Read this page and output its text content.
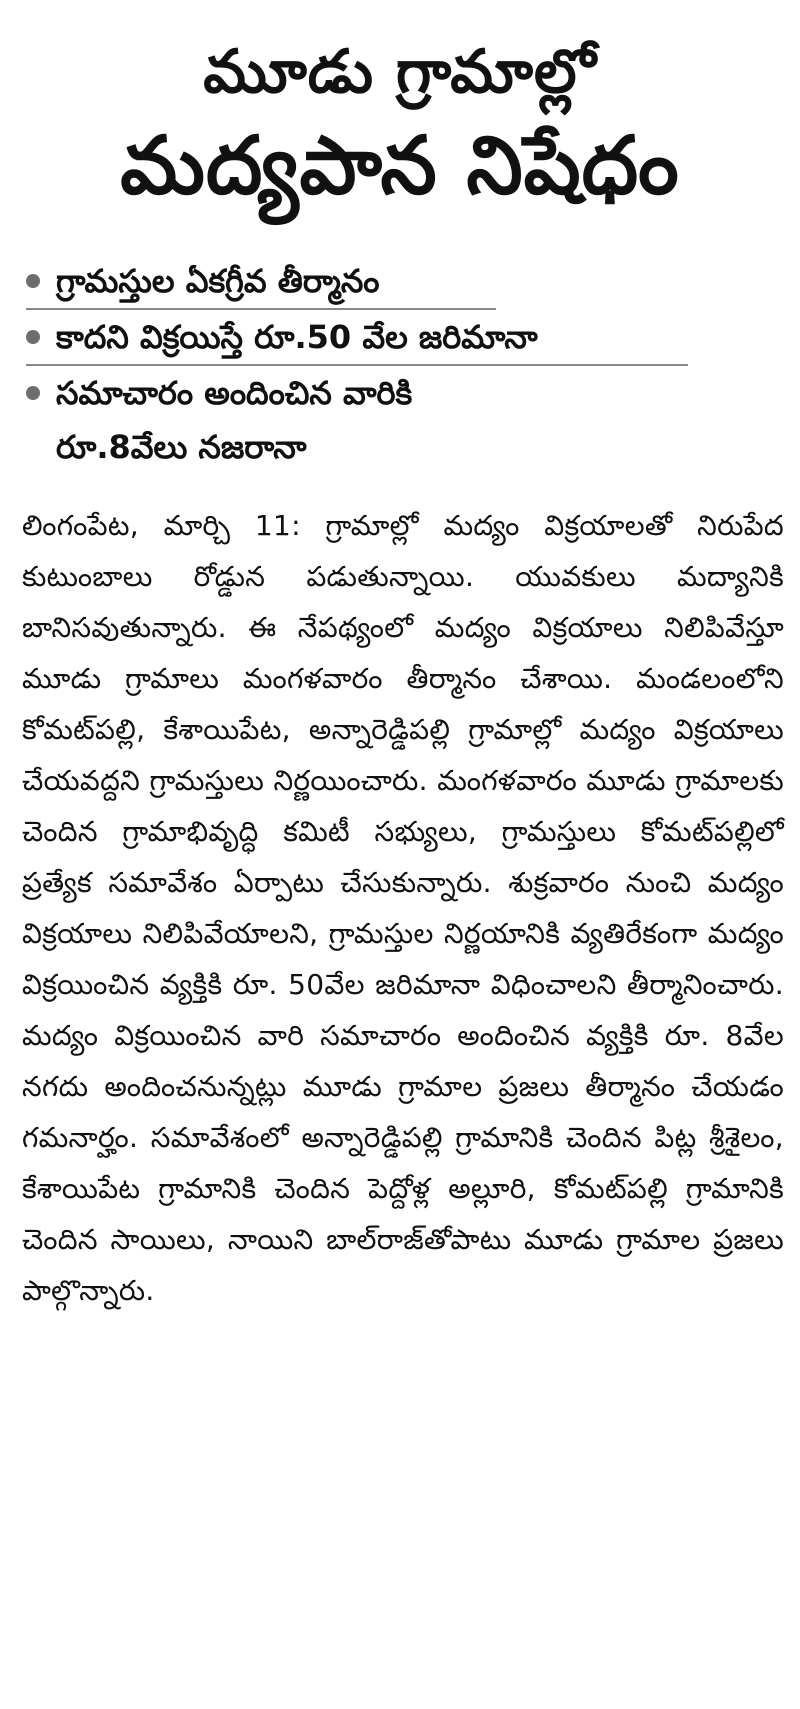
మూడు గ్రామాల్లో
మద్యపాన నిషేధం
గ్రామస్తుల ఏకగ్రీవ తీర్మానం
కాదని విక్రయిస్తే రూ.50 వేల జరిమానా
సమాచారం అందించిన వారికి
రూ.8వేలు నజరానా

లింగంపేట, మార్చి 11: గ్రామాల్లో మద్యం విక్రయాలతో నిరుపేద కుటుంబాలు రోడ్డున పడుతున్నాయి. యువకులు మద్యానికి బానిసవుతున్నారు. ఈ నేపథ్యంలో మద్యం విక్రయాలు నిలిపివేస్తూ మూడు గ్రామాలు మంగళవారం తీర్మానం చేశాయి. మండలంలోని కోమట్‌పల్లి, కేశాయిపేట, అన్నారెడ్డిపల్లి గ్రామాల్లో మద్యం విక్రయాలు చేయవద్దని గ్రామస్తులు నిర్ణయించారు. మంగళవారం మూడు గ్రామాలకు చెందిన గ్రామాభివృద్ధి కమిటీ సభ్యులు, గ్రామస్తులు కోమట్‌పల్లిలో ప్రత్యేక సమావేశం ఏర్పాటు చేసుకున్నారు. శుక్రవారం నుంచి మద్యం విక్రయాలు నిలిపివేయాలని, గ్రామస్తుల నిర్ణయానికి వ్యతిరేకంగా మద్యం విక్రయించిన వ్యక్తికి రూ. 50వేల జరిమానా విధించాలని తీర్మానించారు. మద్యం విక్రయించిన వారి సమాచారం అందించిన వ్యక్తికి రూ. 8వేల నగదు అందించనున్నట్లు మూడు గ్రామాల ప్రజలు తీర్మానం చేయడం గమనార్హం. సమావేశంలో అన్నారెడ్డిపల్లి గ్రామానికి చెందిన పిట్ల శ్రీశైలం, కేశాయిపేట గ్రామానికి చెందిన పెద్దోళ్ల అల్లూరి, కోమట్‌పల్లి గ్రామానికి చెందిన సాయిలు, నాయిని బాల్‌రాజ్‌తోపాటు మూడు గ్రామాల ప్రజలు పాల్గొన్నారు.
